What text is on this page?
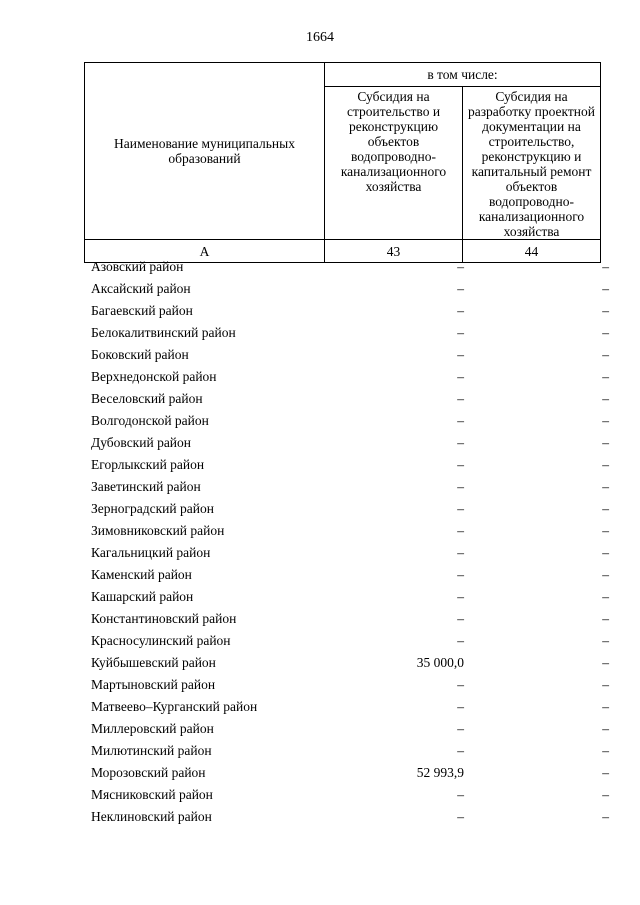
1664
Наименование муниципальных образований	в том числе:	
	Субсидия на строительство и реконструкцию объектов водопроводно-канализационного хозяйства	Субсидия на разработку проектной документации на строительство, реконструкцию и капитальный ремонт объектов водопроводно-канализационного хозяйства
А	43	44
Азовский район	–	–
Аксайский район	–	–
Багаевский район	–	–
Белокалитвинский район	–	–
Боковский район	–	–
Верхнедонской район	–	–
Веселовский район	–	–
Волгодонской район	–	–
Дубовский район	–	–
Егорлыкский район	–	–
Заветинский район	–	–
Зерноградский район	–	–
Зимовниковский район	–	–
Кагальницкий район	–	–
Каменский район	–	–
Кашарский район	–	–
Константиновский район	–	–
Красносулинский район	–	–
Куйбышевский район	35 000,0	–
Мартыновский район	–	–
Матвеево–Курганский район	–	–
Миллеровский район	–	–
Милютинский район	–	–
Морозовский район	52 993,9	–
Мясниковский район	–	–
Неклиновский район	–	–
